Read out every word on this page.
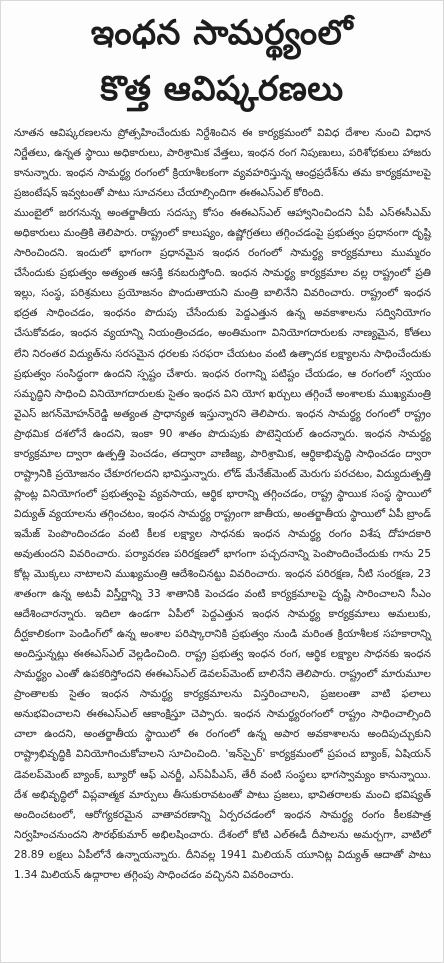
ఇంధన సామర్థ్యంలో
కొత్త ఆవిష్కరణలు

నూతన ఆవిష్కరణలను ప్రోత్సహించేందుకు నిర్దేశించిన ఈ కార్యక్రమంలో వివిధ దేశాల నుంచి విధాన నిర్ణేతలు, ఉన్నత స్థాయి అధికారులు, పారిశ్రామిక వేత్తలు, ఇంధన రంగ నిపుణులు, పరిశోధకులు హాజరు కానున్నారు. ఇంధన సామర్థ్య రంగంలో క్రియాశీలకంగా వ్యవహరిస్తున్న ఆంధ్రప్రదేశ్‌ను తమ కార్యక్రమాలపై ప్రజంటేషన్ ఇవ్వటంతో పాటు సూచనలు చేయాల్సిందిగా ఈఈఎస్ఎల్ కోరింది.

ముంబైలో జరగనున్న అంతర్జాతీయ సదస్సు కోసం ఈఈఎస్ఎల్ ఆహ్వానించిందని ఏపీ ఎస్ఈసీఎమ్ అధికారులు మంత్రికి తెలిపారు. రాష్ట్రంలో కాలుష్యం, ఉష్ణోగ్రతలు తగ్గించడంపై ప్రభుత్వం ప్రధానంగా దృష్టి సారించిందని. ఇందులో భాగంగా ప్రధానమైన ఇంధన రంగంలో సామర్థ్య కార్యక్రమాలు ముమ్మరం చేసేందుకు ప్రభుత్వం అత్యంత ఆసక్తి కనబరుస్తోంది. ఇంధన సామర్థ్య కార్యక్రమాల వల్ల రాష్ట్రంలో ప్రతి ఇల్లు, సంస్థ, పరిశ్రమలు ప్రయోజనం పొందుతాయని మంత్రి బాలినేని వివరించారు. రాష్ట్రంలో ఇంధన భద్రత సాధించడం, ఇంధనం పొదుపు చేసేందుకు పెద్దఎత్తున ఉన్న అవకాశాలను సద్వినియోగం చేసుకోవడం, ఇంధన వ్యయాన్ని నియంత్రించడం, అంతిమంగా వినియోగదారులకు నాణ్యమైన, కోతలు లేని నిరంతర విద్యుత్‌ను సరసమైన ధరలకు సరఫరా చేయటం వంటి ఉత్పాదక లక్ష్యాలను సాధించేందుకు ప్రభుత్వం సంసిద్ధంగా ఉందని స్పష్టం చేశారు. ఇంధన రంగాన్ని పటిష్టం చేయడం, ఆ రంగంలో స్వయం సమృద్ధిని సాధించి వినియోగదారులకు సైతం ఇంధన విని యోగ ఖర్చులు తగ్గించే అంశాలకు ముఖ్యమంత్రి వైఎస్ జగన్‌మోహన్‌రెడ్డి అత్యంత ప్రాధాన్యత ఇస్తున్నారని తెలిపారు. ఇంధన సామర్థ్య రంగంలో రాష్ట్రం ప్రాథమిక దశలోనే ఉందని, ఇంకా 90 శాతం పొదుపుకు పొటెన్షియల్ ఉందన్నారు. ఇంధన సామర్థ్య కార్యక్రమాల ద్వారా ఉత్పత్తి పెంచడం, తద్వారా వాణిజ్య, పారిశ్రామిక, ఆర్థికాభివృద్ధి సాధించడం ద్వారా రాష్ట్రానికి ప్రయోజనం చేకూరగలదని భావిస్తున్నారు. లోడ్ మేనేజ్‌మెంట్ మెరుగు పరచటం, విద్యుదుత్పత్తి ప్లాంట్ల వినియోగంలో ప్రభుత్వంపై వ్యవసాయ, ఆర్థిక భారాన్ని తగ్గించడం, రాష్ట్ర స్థాయిక సంస్థ స్థాయిలో విద్యుత్ వ్యయాలను తగ్గించటం, ఇంధన సామర్థ్య రాష్ట్రంగా జాతీయ, అంతర్జాతీయ స్థాయిలో ఏపీ బ్రాండ్ ఇమేజ్ పెంపొందించడం వంటి కీలక లక్ష్యాల సాధనకు ఇంధన సామర్థ్య రంగం విశేష దోహదకారి అవుతుందని వివరించారు. పర్యావరణ పరిరక్షణలో భాగంగా పచ్చదనాన్ని పెంపొందించేందుకు గాను 25 కోట్ల మొక్కలు నాటాలని ముఖ్యమంత్రి ఆదేశించినట్టు వివరించారు. ఇంధన పరిరక్షణ, నీటి సంరక్షణ, 23 శాతంగా ఉన్న అటవీ విస్తీర్ణాన్ని 33 శాతానికి పెంచడం వంటి కార్యక్రమాలపై దృష్టి సారించాలని సీఎం ఆదేశించారన్నారు. ఇదిలా ఉండగా ఏపీలో పెద్దఎత్తున ఇంధన సామర్థ్య కార్యక్రమాలు అమలుకు, దీర్ఘకాలికంగా పెండింగ్‌లో ఉన్న అంశాల పరిష్కారానికి ప్రభుత్వం నుండి మరింత క్రియాశీలక సహకారాన్ని అందిస్తున్నట్లు ఈఈఎస్ఎల్ వెల్లడించింది. రాష్ట్ర ప్రభుత్వ ఇంధన రంగ, ఆర్థిక లక్ష్యాల సాధనకు ఇంధన సామర్థ్యం ఎంతో ఉపకరిస్తోందని ఈఈఎస్ఎల్ డెవలప్‌మెంట్ బాలినేని తెలిపారు. రాష్ట్రంలో మారుమూల ప్రాంతాలకు సైతం ఇంధన సామర్థ్య కార్యక్రమాలను విస్తరించాలని, ప్రజలంతా వాటి ఫలాలు అనుభవించాలని ఈఈఎస్ఎల్ ఆకాంక్షిస్తూ చెప్పారు. ఇంధన సామర్థ్యరంగంలో రాష్ట్రం సాధించాల్సింది చాలా ఉందని, అంతర్జాతీయ స్థాయిలో ఈ రంగంలో ఉన్న అపార అవకాశాలను అందిపుచ్చుకుని రాష్ట్రాభివృద్ధికి వినియోగించుకోవాలని సూచించింది. 'ఇన్‌స్పైర్' కార్యక్రమంలో ప్రపంచ బ్యాంక్, ఏషియన్ డెవలప్‌మెంట్ బ్యాంక్, బ్యూరో ఆఫ్ ఎనర్జీ, ఎస్ఏపీఎస్, తేరీ వంటి సంస్థలు భాగస్వామ్యం కానున్నాయి. దేశ అభివృద్ధిలో విప్లవాత్మక మార్పులు తీసుకురావటంతో పాటు ప్రజలు, భావితరాలకు మంచి భవిష్యత్ అందించటంలో, ఆరోగ్యకరమైన వాతావరణాన్ని ఏర్పరచడంలో ఇంధన సామర్థ్య రంగం కీలకపాత్ర నిర్వహించనుందని సౌరభ్‌కుమార్ అభిలషించారు. దేశంలో కోటి ఎల్ఈడీ దీపాలను అమర్చగా, వాటిలో 28.89 లక్షలు ఏపీలోనే ఉన్నాయన్నారు. దీనివల్ల 1941 మిలియన్ యూనిట్ల విద్యుత్ ఆదాతో పాటు 1.34 మిలియన్ ఉద్గారాల తగ్గింపు సాధించడం వచ్చినని వివరించారు.
